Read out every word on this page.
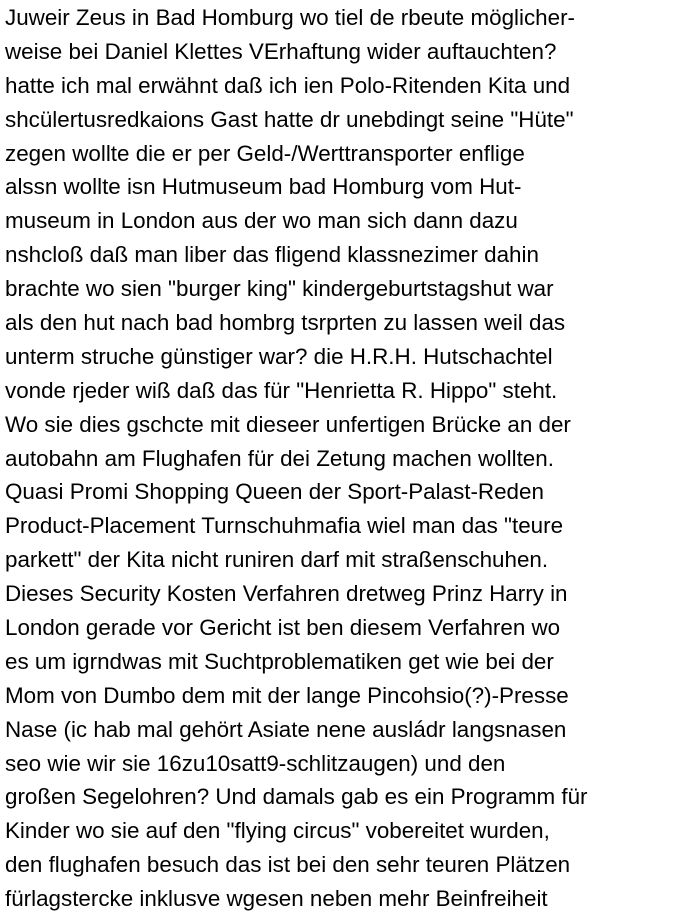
Juweir Zeus in Bad Homburg wo tiel de rbeute möglicher-
weise bei Daniel Klettes VErhaftung wider auftauchten?
hatte ich mal erwähnt daß ich ien Polo-Ritenden Kita und
shcülertusredkaions Gast hatte dr unebdingt seine "Hüte"
zegen wollte die er per Geld-/Werttransporter enflige
alssn wollte isn Hutmuseum bad Homburg vom Hut-
museum in London aus der wo man sich dann dazu
nshcloß daß man liber das fligend klassnezimer dahin
brachte wo sien "burger king" kindergeburtstagshut war
als den hut nach bad hombrg tsrprten zu lassen weil das
unterm struche günstiger war? die H.R.H. Hutschachtel
vonde rjeder wiß daß das für "Henrietta R. Hippo" steht.
Wo sie dies gschcte mit dieseer unfertigen Brücke an der
autobahn am Flughafen für dei Zetung machen wollten.
Quasi Promi Shopping Queen der Sport-Palast-Reden
Product-Placement Turnschuhmafia wiel man das "teure
parkett" der Kita nicht runiren darf mit straßenschuhen.
Dieses Security Kosten Verfahren dretweg Prinz Harry in
London gerade vor Gericht ist ben diesem Verfahren wo
es um igrndwas mit Suchtproblematiken get wie bei der
Mom von Dumbo dem mit der lange Pincohsio(?)-Presse
Nase (ic hab mal gehört Asiate nene ausládr langsnasen
seo wie wir sie 16zu10satt9-schlitzaugen) und den
großen Segelohren? Und damals gab es ein Programm für
Kinder wo sie auf den "flying circus" vobereitet wurden,
den flughafen besuch das ist bei den sehr teuren Plätzen
fürlagstercke inklusve wgesen neben mehr Beinfreiheit
